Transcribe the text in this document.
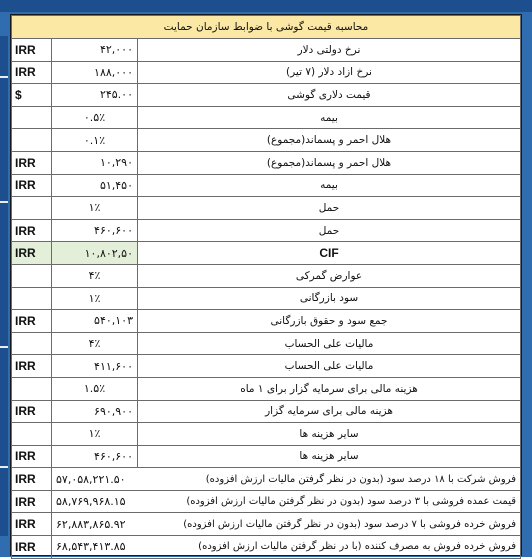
محاسبه قیمت گوشی با ضوابط سازمان حمایت		
IRR	۴۲,۰۰۰	نرخ دولتی دلار
IRR	۱۸۸,۰۰۰	نرخ ازاد دلار (۷ تیر)
$	۲۴۵.۰۰	قیمت دلاری گوشی
	۰.۵٪	بیمه
	۰.۱٪	هلال احمر و پسماند(مجموع)
IRR	۱۰,۲۹۰	هلال احمر و پسماند(مجموع)
IRR	۵۱,۴۵۰	بیمه
	۱٪	حمل
IRR	۴۶۰,۶۰۰	حمل
IRR	۱۰,۸۰۲,۵۰	CIF
	۴٪	عوارض گمرکی
	۱٪	سود بازرگانی
IRR	۵۴۰,۱۰۳	جمع سود و حقوق بازرگانی
	۴٪	مالیات علی الحساب
IRR	۴۱۱,۶۰۰	مالیات علی الحساب
	۱.۵٪	هزینه مالی برای سرمایه گزار برای ۱ ماه
IRR	۶۹۰,۹۰۰	هزینه مالی برای سرمایه گزار
	۱٪	سایر هزینه ها
IRR	۴۶۰,۶۰۰	سایر هزینه ها
IRR	۵۷,۰۵۸,۲۲۱.۵۰ فروش شرکت با ۱۸ درصد سود (بدون در نظر گرفتن مالیات ارزش افزوده)	

IRR	۵۸,۷۶۹,۹۶۸.۱۵ قیمت عمده فروشی با ۳ درصد سود (بدون در نظر گرفتن مالیات ارزش افزوده)	

IRR	۶۲,۸۸۳,۸۶۵.۹۲ فروش خرده فروشی با ۷ درصد سود (بدون در نظر گرفتن مالیات ارزش افزوده)	

IRR	۶۸,۵۴۳,۴۱۳.۸۵ فروش خرده فروش به مصرف کننده (با در نظر گرفتن مالیات ارزش افزوده)	
